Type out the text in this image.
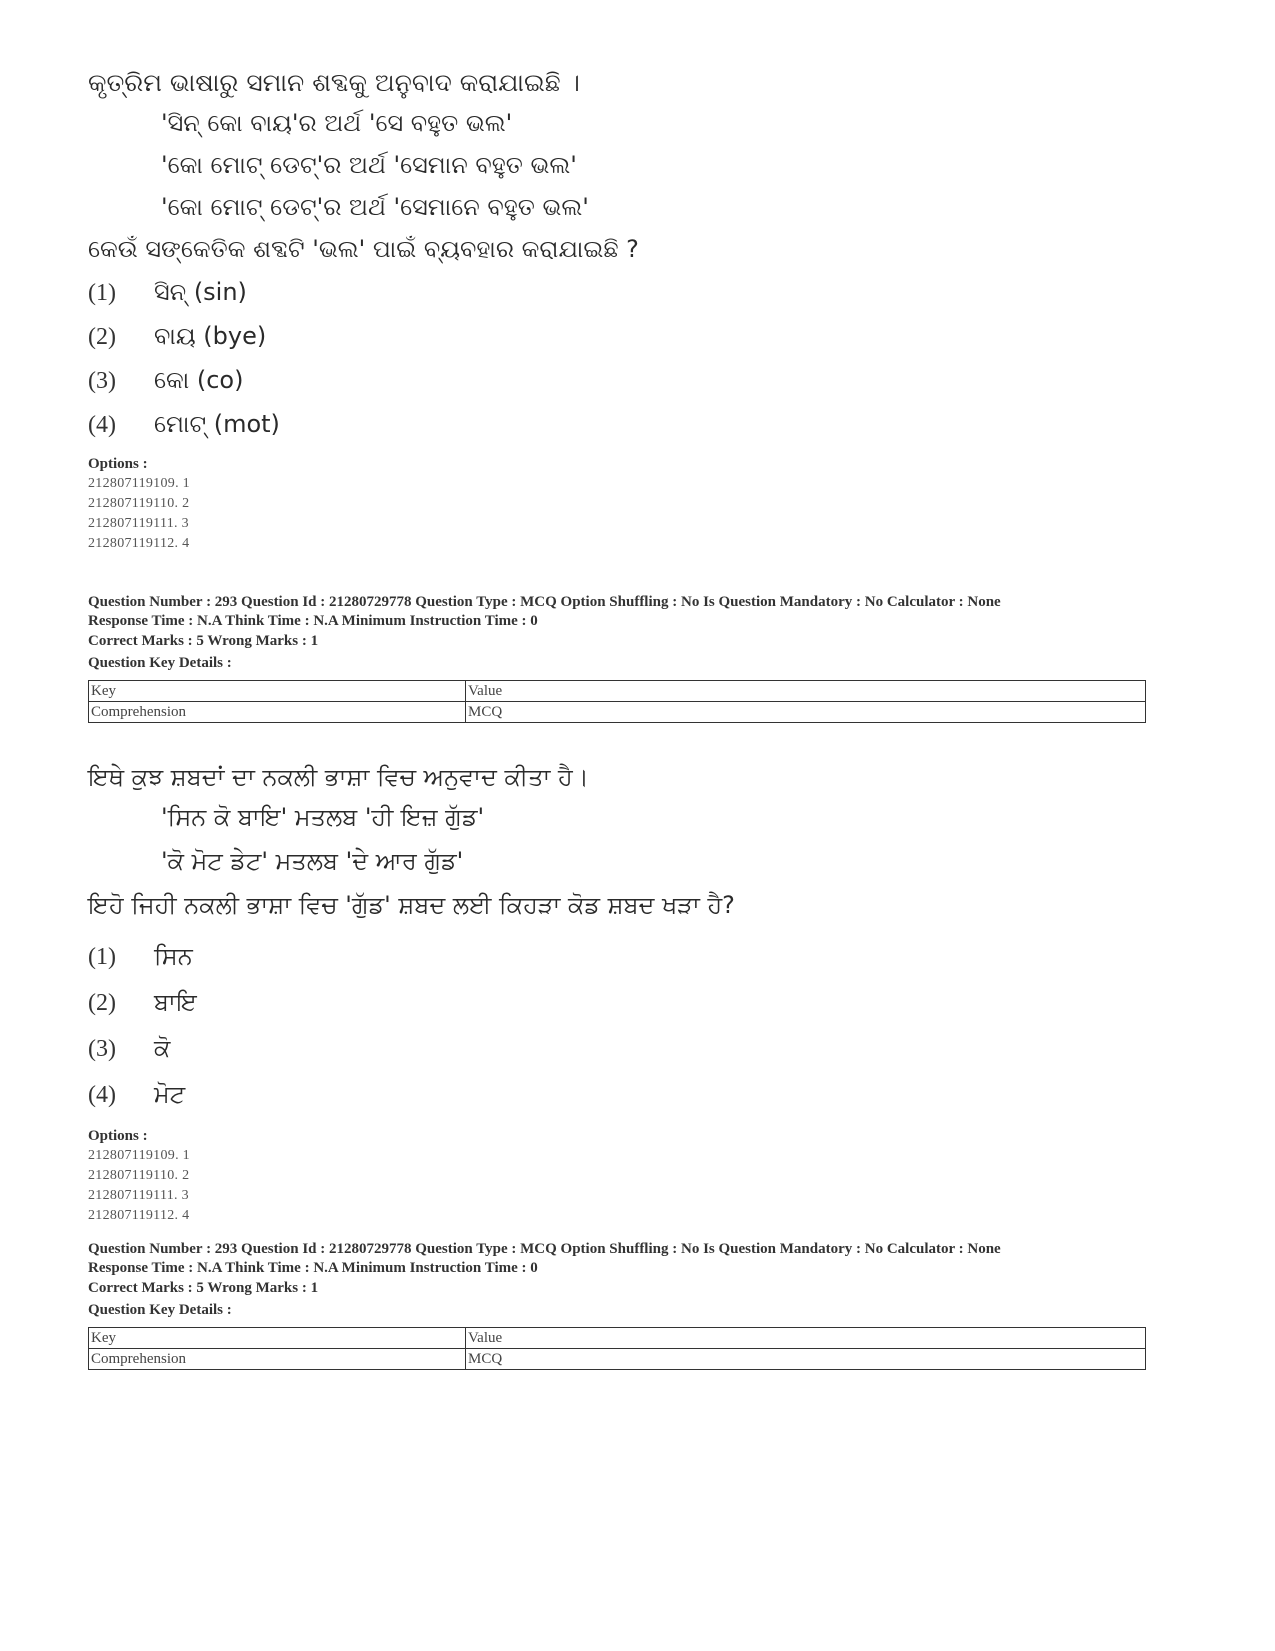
କୃତ୍ରିମ ଭାଷାରୁ ସମାନ ଶବ୍ଦକୁ ଅନୁବାଦ କରାଯାଇଛି ।
'ସିନ୍ କୋ ବାୟ'ର ଅର୍ଥ 'ସେ ବହୁତ ଭଲ'
'କୋ ମୋଟ୍ ଡେଟ୍'ର ଅର୍ଥ 'ସେମାନ ବହୁତ ଭଲ'
'କୋ ମୋଟ୍ ଡେଟ୍'ର ଅର୍ଥ 'ସେମାନେ ବହୁତ ଭଲ'
କେଉଁ ସଙ୍କେତିକ ଶବ୍ଦଟି 'ଭଲ' ପାଇଁ ବ୍ୟବହାର କରାଯାଇଛି ?
(1)	ସିନ୍ (sin)
(2)	ବାୟ (bye)
(3)	କୋ (co)
(4)	ମୋଟ୍ (mot)
Options :
212807119109. 1
212807119110. 2
212807119111. 3
212807119112. 4
Question Number : 293 Question Id : 2128072977​8 Question Type : MCQ Option Shuffling : No Is Question Mandatory : No Calculator : None
Response Time : N.A Think Time : N.A Minimum Instruction Time : 0
Correct Marks : 5 Wrong Marks : 1
Question Key Details :
Key	Value
Comprehension	MCQ
ਇਥੇ ਕੁਝ ਸ਼ਬਦਾਂ ਦਾ ਨਕਲੀ ਭਾਸ਼ਾ ਵਿਚ ਅਨੁਵਾਦ ਕੀਤਾ ਹੈ।
'ਸਿਨ ਕੋ ਬਾਇ' ਮਤਲਬ 'ਹੀ ਇਜ਼ ਗੁੱਡ'
'ਕੋ ਮੋਟ ਡੇਟ' ਮਤਲਬ 'ਦੇ ਆਰ ਗੁੱਡ'
ਇਹੋ ਜਿਹੀ ਨਕਲੀ ਭਾਸ਼ਾ ਵਿਚ 'ਗੁੱਡ' ਸ਼ਬਦ ਲਈ ਕਿਹੜਾ ਕੋਡ ਸ਼ਬਦ ਖੜਾ ਹੈ?
(1)	ਸਿਨ
(2)	ਬਾਇ
(3)	ਕੋ
(4)	ਮੋਟ
Options :
212807119109. 1
212807119110. 2
212807119111. 3
212807119112. 4
Question Number : 293 Question Id : 2128072977​8 Question Type : MCQ Option Shuffling : No Is Question Mandatory : No Calculator : None
Response Time : N.A Think Time : N.A Minimum Instruction Time : 0
Correct Marks : 5 Wrong Marks : 1
Question Key Details :
Key	Value
Comprehension	MCQ
